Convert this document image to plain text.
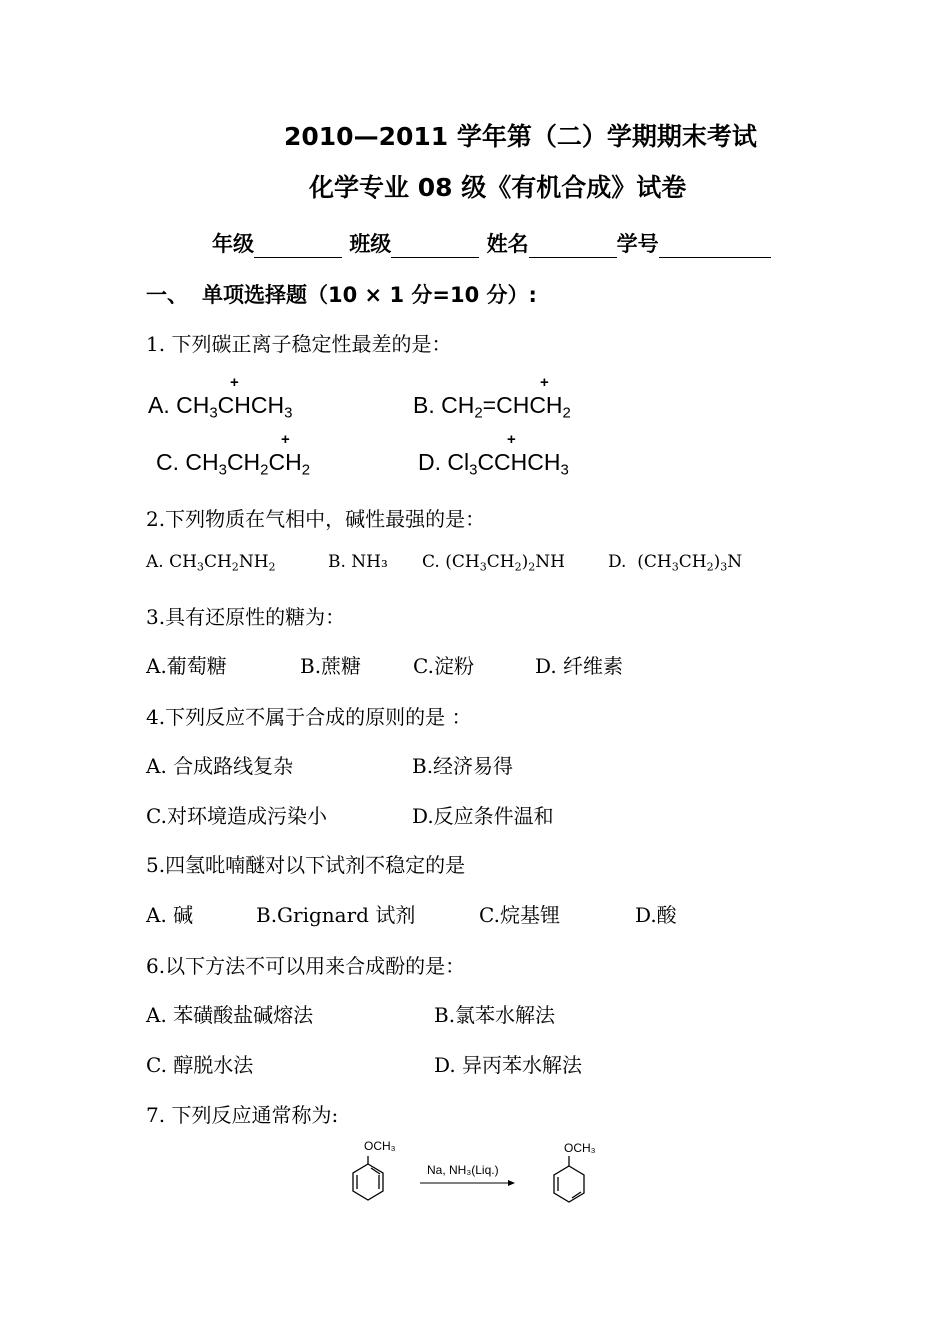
2010—2011 学年第（二）学期期末考试
化学专业 08 级《有机合成》试卷
年级	班级	姓名	学号
一、 单项选择题（10 × 1 分=10 分）:
1. 下列碳正离子稳定性最差的是：
A. $CH_3CHCH_3$
+
B. $CH_2=CHCH_2$
+
C. $CH_3CH_2CH_2$
+
D. $Cl_3CCHCH_3$
+
2.下列物质在气相中，碱性最强的是：
A. $CH_3CH_2NH_2$	B. NH₃ C. $(CH_3CH_2)_2NH$	D.  $(CH_3CH_2)_3N$
3.具有还原性的糖为：
A.葡萄糖	B.蔗糖	C.淀粉	D. 纤维素
4.下列反应不属于合成的原则的是 ：
A. 合成路线复杂	B.经济易得
C.对环境造成污染小	D.反应条件温和
5.四氢吡喃醚对以下试剂不稳定的是
A. 碱	B.Grignard 试剂	C.烷基锂	D.酸
6.以下方法不可以用来合成酚的是：
A. 苯磺酸盐碱熔法	B.氯苯水解法
C. 醇脱水法	D. 异丙苯水解法
7. 下列反应通常称为:
OCH₃
Na, NH₃(Liq.)
OCH₃
